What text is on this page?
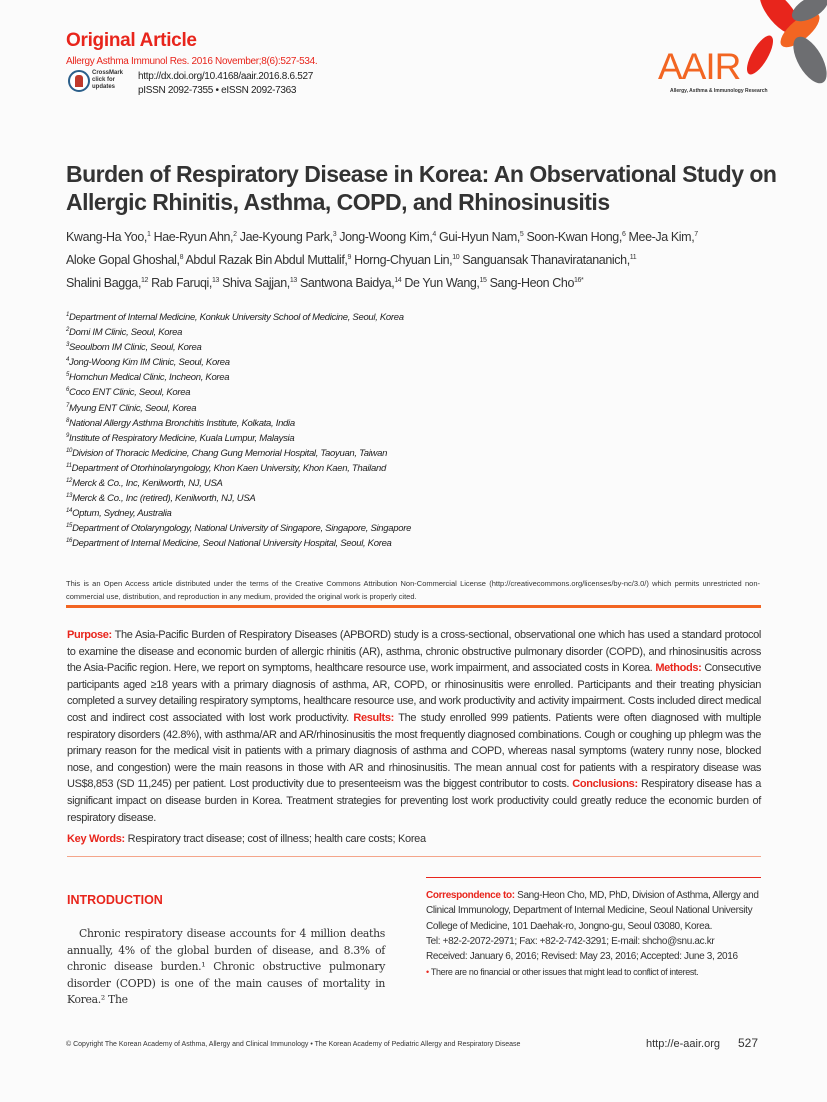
Original Article
Allergy Asthma Immunol Res. 2016 November;8(6):527-534.
CrossMark click for updates
http://dx.doi.org/10.4168/aair.2016.8.6.527
pISSN 2092-7355 • eISSN 2092-7363
AAIR
Allergy, Asthma & Immunology Research
Burden of Respiratory Disease in Korea: An Observational Study on Allergic Rhinitis, Asthma, COPD, and Rhinosinusitis
Kwang-Ha Yoo,$^1$ Hae-Ryun Ahn,$^2$ Jae-Kyoung Park,$^3$ Jong-Woong Kim,$^4$ Gui-Hyun Nam,$^5$ Soon-Kwan Hong,$^6$ Mee-Ja Kim,$^7$
Aloke Gopal Ghoshal,$^8$ Abdul Razak Bin Abdul Muttalif,$^9$ Horng-Chyuan Lin,$^{10}$ Sanguansak Thanaviratananich,$^{11}$
Shalini Bagga,$^{12}$ Rab Faruqi,$^{13}$ Shiva Sajjan,$^{13}$ Santwona Baidya,$^{14}$ De Yun Wang,$^{15}$ Sang-Heon Cho$^{16*}$
$^1$Department of Internal Medicine, Konkuk University School of Medicine, Seoul, Korea
$^2$Domi IM Clinic, Seoul, Korea
$^3$Seoulbom IM Clinic, Seoul, Korea
$^4$Jong-Woong Kim IM Clinic, Seoul, Korea
$^5$Homchun Medical Clinic, Incheon, Korea
$^6$Coco ENT Clinic, Seoul, Korea
$^7$Myung ENT Clinic, Seoul, Korea
$^8$National Allergy Asthma Bronchitis Institute, Kolkata, India
$^9$Institute of Respiratory Medicine, Kuala Lumpur, Malaysia
$^{10}$Division of Thoracic Medicine, Chang Gung Memorial Hospital, Taoyuan, Taiwan
$^{11}$Department of Otorhinolaryngology, Khon Kaen University, Khon Kaen, Thailand
$^{12}$Merck & Co., Inc, Kenilworth, NJ, USA
$^{13}$Merck & Co., Inc (retired), Kenilworth, NJ, USA
$^{14}$Optum, Sydney, Australia
$^{15}$Department of Otolaryngology, National University of Singapore, Singapore, Singapore
$^{16}$Department of Internal Medicine, Seoul National University Hospital, Seoul, Korea
This is an Open Access article distributed under the terms of the Creative Commons Attribution Non-Commercial License (http://creativecommons.org/licenses/by-nc/3.0/) which permits unrestricted non-commercial use, distribution, and reproduction in any medium, provided the original work is properly cited.
Purpose: The Asia-Pacific Burden of Respiratory Diseases (APBORD) study is a cross-sectional, observational one which has used a standard protocol to examine the disease and economic burden of allergic rhinitis (AR), asthma, chronic obstructive pulmonary disorder (COPD), and rhinosinusitis across the Asia-Pacific region. Here, we report on symptoms, healthcare resource use, work impairment, and associated costs in Korea. Methods: Consecutive participants aged ≥18 years with a primary diagnosis of asthma, AR, COPD, or rhinosinusitis were enrolled. Participants and their treating physician completed a survey detailing respiratory symptoms, healthcare resource use, and work productivity and activity impairment. Costs included direct medical cost and indirect cost associated with lost work productivity. Results: The study enrolled 999 patients. Patients were often diagnosed with multiple respiratory disorders (42.8%), with asthma/AR and AR/rhinosinusitis the most frequently diagnosed combinations. Cough or coughing up phlegm was the primary reason for the medical visit in patients with a primary diagnosis of asthma and COPD, whereas nasal symptoms (watery runny nose, blocked nose, and congestion) were the main reasons in those with AR and rhinosinusitis. The mean annual cost for patients with a respiratory disease was US$8,853 (SD 11,245) per patient. Lost productivity due to presenteeism was the biggest contributor to costs. Conclusions: Respiratory disease has a significant impact on disease burden in Korea. Treatment strategies for preventing lost work productivity could greatly reduce the economic burden of respiratory disease.
Key Words: Respiratory tract disease; cost of illness; health care costs; Korea
INTRODUCTION
Chronic respiratory disease accounts for 4 million deaths annually, 4% of the global burden of disease, and 8.3% of chronic disease burden.¹ Chronic obstructive pulmonary disorder (COPD) is one of the main causes of mortality in Korea.² The
Correspondence to: Sang-Heon Cho, MD, PhD, Division of Asthma, Allergy and Clinical Immunology, Department of Internal Medicine, Seoul National University College of Medicine, 101 Daehak-ro, Jongno-gu, Seoul 03080, Korea.
Tel: +82-2-2072-2971; Fax: +82-2-742-3291; E-mail: shcho@snu.ac.kr
Received: January 6, 2016; Revised: May 23, 2016; Accepted: June 3, 2016
• There are no financial or other issues that might lead to conflict of interest.
© Copyright The Korean Academy of Asthma, Allergy and Clinical Immunology • The Korean Academy of Pediatric Allergy and Respiratory Disease	http://e-aair.org 527
